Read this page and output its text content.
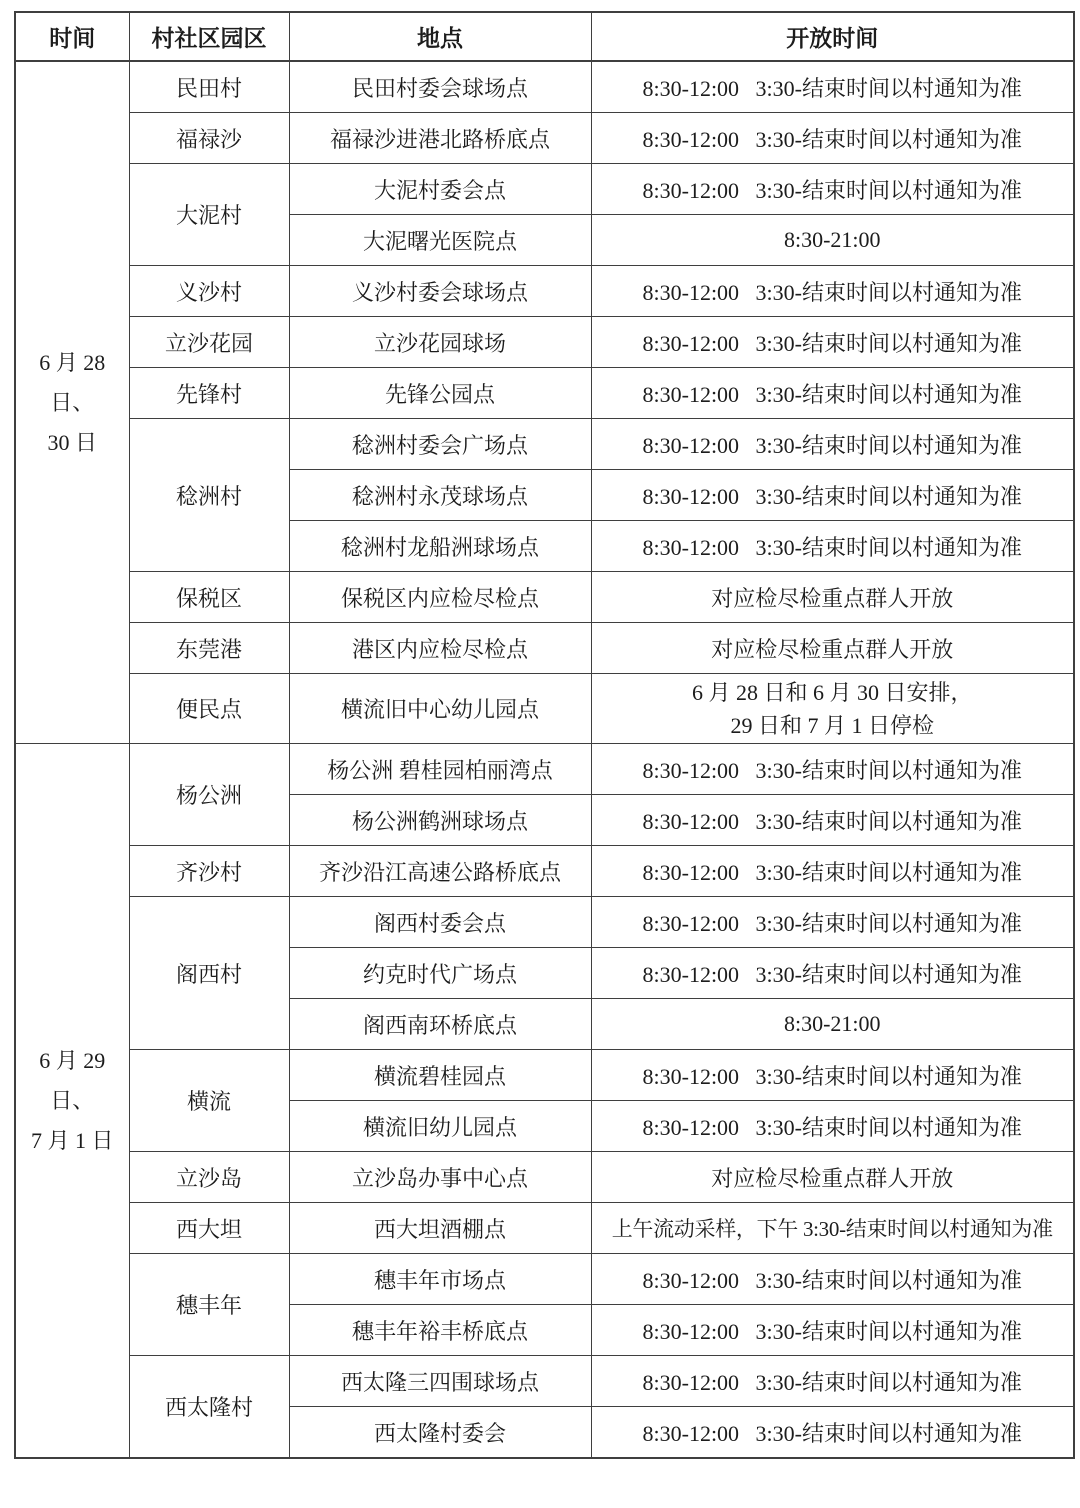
时间	村社区园区	地点	开放时间

6 月 28 日、
30 日	民田村	民田村委会球场点	8:30-12:00   3:30-结束时间以村通知为准
	福禄沙	福禄沙进港北路桥底点	8:30-12:00   3:30-结束时间以村通知为准
	大泥村	大泥村委会点	8:30-12:00   3:30-结束时间以村通知为准
		大泥曙光医院点	8:30-21:00
	义沙村	义沙村委会球场点	8:30-12:00   3:30-结束时间以村通知为准
	立沙花园	立沙花园球场	8:30-12:00   3:30-结束时间以村通知为准
	先锋村	先锋公园点	8:30-12:00   3:30-结束时间以村通知为准
	稔洲村	稔洲村委会广场点	8:30-12:00   3:30-结束时间以村通知为准
		稔洲村永茂球场点	8:30-12:00   3:30-结束时间以村通知为准
		稔洲村龙船洲球场点	8:30-12:00   3:30-结束时间以村通知为准
	保税区	保税区内应检尽检点	对应检尽检重点群人开放
	东莞港	港区内应检尽检点	对应检尽检重点群人开放
	便民点	横流旧中心幼儿园点	6 月 28 日和 6 月 30 日安排，
29 日和 7 月 1 日停检

6 月 29 日、
7 月 1 日	杨公洲	杨公洲 碧桂园柏丽湾点	8:30-12:00   3:30-结束时间以村通知为准
		杨公洲鹤洲球场点	8:30-12:00   3:30-结束时间以村通知为准
	齐沙村	齐沙沿江高速公路桥底点	8:30-12:00   3:30-结束时间以村通知为准
	阁西村	阁西村委会点	8:30-12:00   3:30-结束时间以村通知为准
		约克时代广场点	8:30-12:00   3:30-结束时间以村通知为准
		阁西南环桥底点	8:30-21:00
	横流	横流碧桂园点	8:30-12:00   3:30-结束时间以村通知为准
		横流旧幼儿园点	8:30-12:00   3:30-结束时间以村通知为准
	立沙岛	立沙岛办事中心点	对应检尽检重点群人开放
	西大坦	西大坦酒棚点	上午流动采样，下午 3:30-结束时间以村通知为准
	穗丰年	穗丰年市场点	8:30-12:00   3:30-结束时间以村通知为准
		穗丰年裕丰桥底点	8:30-12:00   3:30-结束时间以村通知为准
	西太隆村	西太隆三四围球场点	8:30-12:00   3:30-结束时间以村通知为准
		西太隆村委会	8:30-12:00   3:30-结束时间以村通知为准
